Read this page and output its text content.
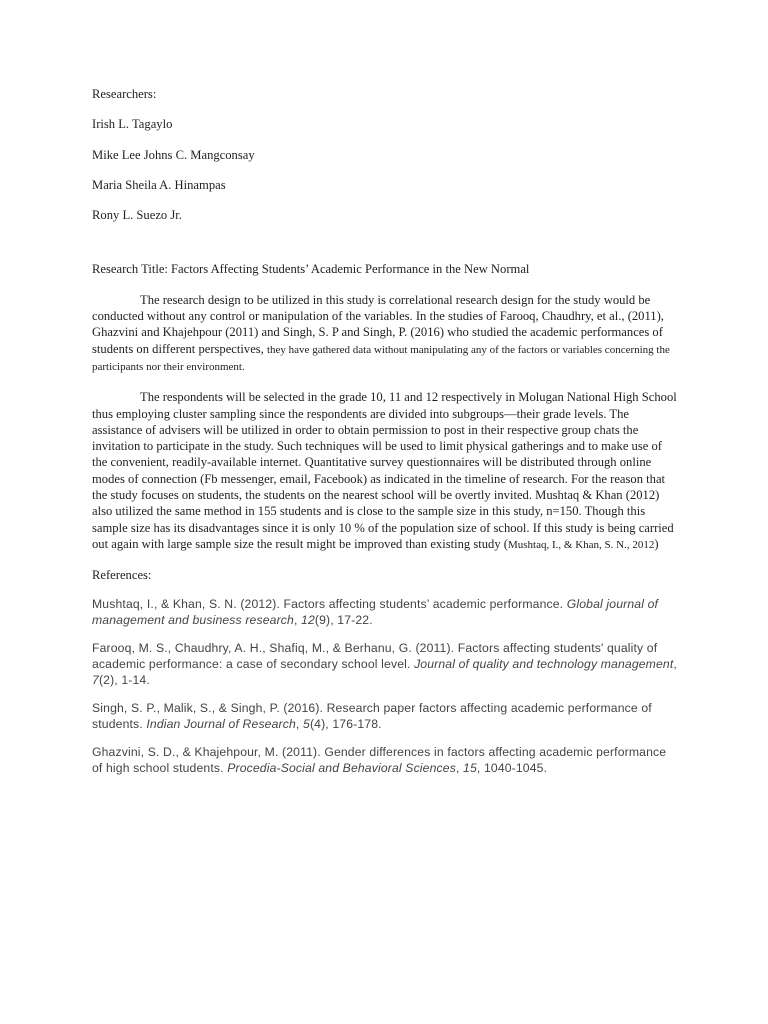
Researchers:

Irish L. Tagaylo

Mike Lee Johns C. Mangconsay

Maria Sheila A. Hinampas

Rony L. Suezo Jr.

Research Title: Factors Affecting Students’ Academic Performance in the New Normal

The research design to be utilized in this study is correlational research design for the study would be conducted without any control or manipulation of the variables. In the studies of Farooq, Chaudhry, et al., (2011), Ghazvini and Khajehpour (2011) and Singh, S. P and Singh, P. (2016) who studied the academic performances of students on different perspectives, they have gathered data without manipulating any of the factors or variables concerning the participants nor their environment.

The respondents will be selected in the grade 10, 11 and 12 respectively in Molugan National High School thus employing cluster sampling since the respondents are divided into subgroups—their grade levels. The assistance of advisers will be utilized in order to obtain permission to post in their respective group chats the invitation to participate in the study. Such techniques will be used to limit physical gatherings and to make use of the convenient, readily-available internet. Quantitative survey questionnaires will be distributed through online modes of connection (Fb messenger, email, Facebook) as indicated in the timeline of research. For the reason that the study focuses on students, the students on the nearest school will be overtly invited. Mushtaq & Khan (2012) also utilized the same method in 155 students and is close to the sample size in this study, n=150. Though this sample size has its disadvantages since it is only 10 % of the population size of school. If this study is being carried out again with large sample size the result might be improved than existing study (Mushtaq, I., & Khan, S. N., 2012)

References:

Mushtaq, I., & Khan, S. N. (2012). Factors affecting students’ academic performance. Global journal of management and business research, 12(9), 17-22.

Farooq, M. S., Chaudhry, A. H., Shafiq, M., & Berhanu, G. (2011). Factors affecting students' quality of academic performance: a case of secondary school level. Journal of quality and technology management, 7(2), 1-14.

Singh, S. P., Malik, S., & Singh, P. (2016). Research paper factors affecting academic performance of students. Indian Journal of Research, 5(4), 176-178.

Ghazvini, S. D., & Khajehpour, M. (2011). Gender differences in factors affecting academic performance of high school students. Procedia-Social and Behavioral Sciences, 15, 1040-1045.
